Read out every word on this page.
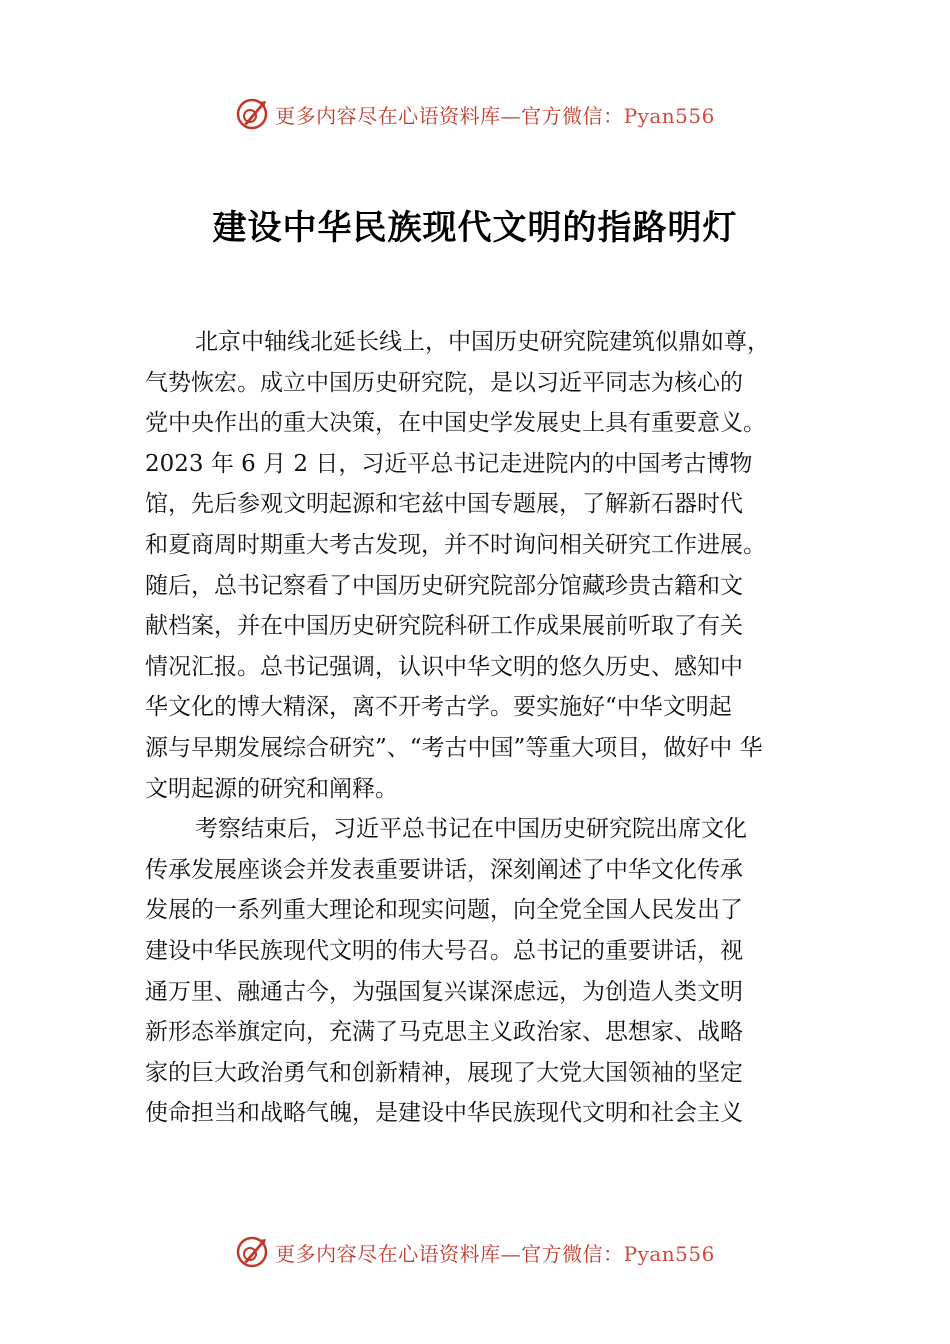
更多内容尽在心语资料库—官方微信：Pyan556
建设中华民族现代文明的指路明灯
北京中轴线北延长线上，中国历史研究院建筑似鼎如尊，
气势恢宏。成立中国历史研究院，是以习近平同志为核心的
党中央作出的重大决策，在中国史学发展史上具有重要意义。
2023 年 6 月 2 日，习近平总书记走进院内的中国考古博物
馆，先后参观文明起源和宅兹中国专题展，了解新石器时代
和夏商周时期重大考古发现，并不时询问相关研究工作进展。
随后，总书记察看了中国历史研究院部分馆藏珍贵古籍和文
献档案，并在中国历史研究院科研工作成果展前听取了有关
情况汇报。总书记强调，认识中华文明的悠久历史、感知中
华文化的博大精深，离不开考古学。要实施好“中华文明起
源与早期发展综合研究”、“考古中国”等重大项目，做好中 华
文明起源的研究和阐释。
考察结束后，习近平总书记在中国历史研究院出席文化
传承发展座谈会并发表重要讲话，深刻阐述了中华文化传承
发展的一系列重大理论和现实问题，向全党全国人民发出了
建设中华民族现代文明的伟大号召。总书记的重要讲话，视
通万里、融通古今，为强国复兴谋深虑远，为创造人类文明
新形态举旗定向，充满了马克思主义政治家、思想家、战略
家的巨大政治勇气和创新精神，展现了大党大国领袖的坚定
使命担当和战略气魄，是建设中华民族现代文明和社会主义
更多内容尽在心语资料库—官方微信：Pyan556
